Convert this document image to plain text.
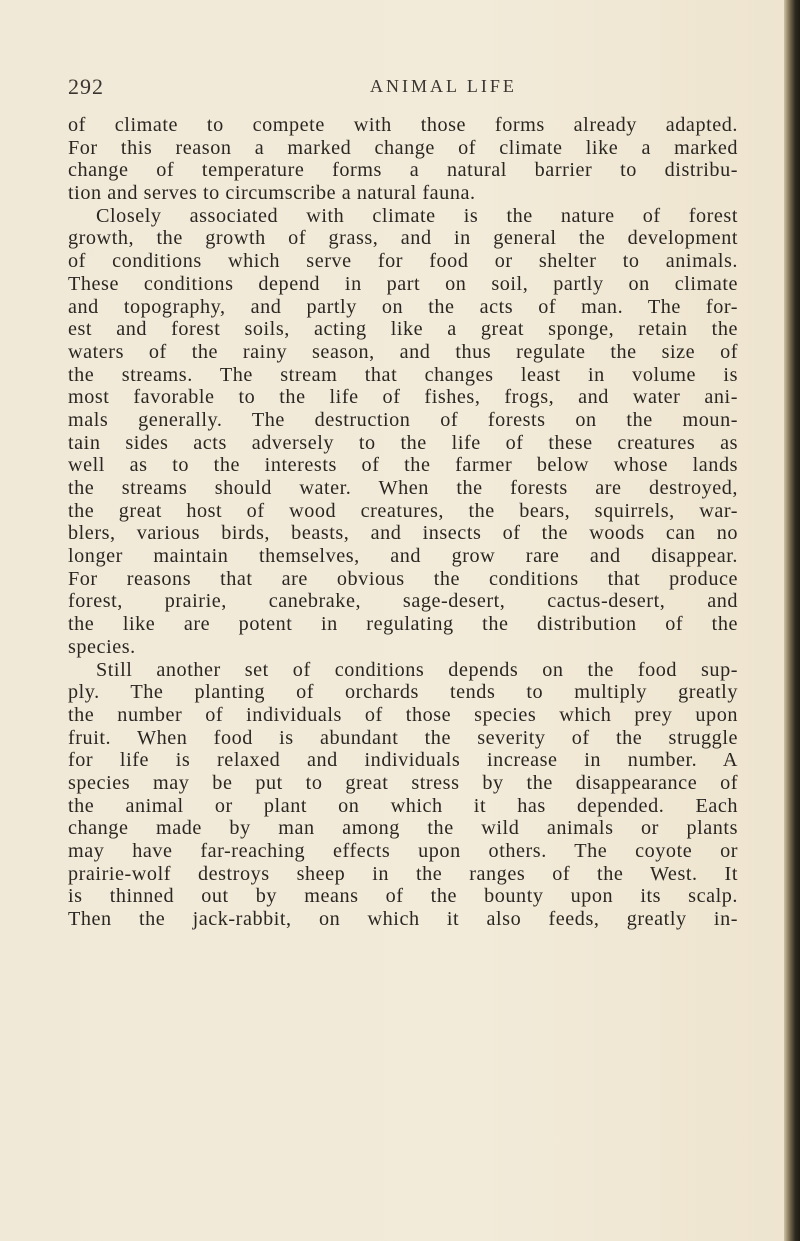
292	ANIMAL LIFE
of climate to compete with those forms already adapted.
For this reason a marked change of climate like a marked
change of temperature forms a natural barrier to distribu-
tion and serves to circumscribe a natural fauna.
Closely associated with climate is the nature of forest
growth, the growth of grass, and in general the development
of conditions which serve for food or shelter to animals.
These conditions depend in part on soil, partly on climate
and topography, and partly on the acts of man. The for-
est and forest soils, acting like a great sponge, retain the
waters of the rainy season, and thus regulate the size of
the streams. The stream that changes least in volume is
most favorable to the life of fishes, frogs, and water ani-
mals generally. The destruction of forests on the moun-
tain sides acts adversely to the life of these creatures as
well as to the interests of the farmer below whose lands
the streams should water. When the forests are destroyed,
the great host of wood creatures, the bears, squirrels, war-
blers, various birds, beasts, and insects of the woods can no
longer maintain themselves, and grow rare and disappear.
For reasons that are obvious the conditions that produce
forest, prairie, canebrake, sage-desert, cactus-desert, and
the like are potent in regulating the distribution of the
species.
Still another set of conditions depends on the food sup-
ply. The planting of orchards tends to multiply greatly
the number of individuals of those species which prey upon
fruit. When food is abundant the severity of the struggle
for life is relaxed and individuals increase in number. A
species may be put to great stress by the disappearance of
the animal or plant on which it has depended. Each
change made by man among the wild animals or plants
may have far-reaching effects upon others. The coyote or
prairie-wolf destroys sheep in the ranges of the West. It
is thinned out by means of the bounty upon its scalp.
Then the jack-rabbit, on which it also feeds, greatly in-
